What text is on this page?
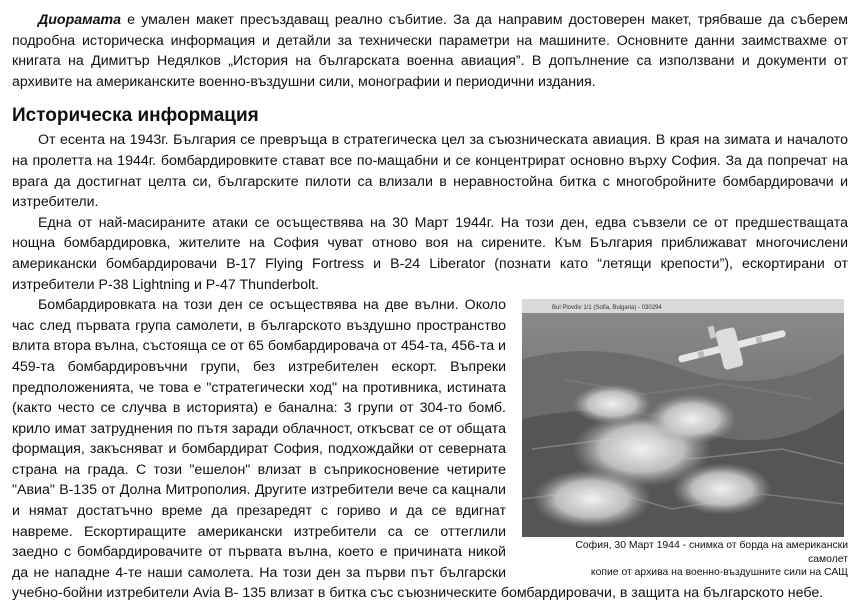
Диорамата е умален макет пресъздаващ реално събитие. За да направим достоверен макет, трябваше да съберем подробна историческа информация и детайли за технически параметри на машините. Основните данни заимствахме от книгата на Димитър Недялков „История на българската военна авиация”. В допълнение са използвани и документи от архивите на американските военно-въздушни сили, монографии и периодични издания.

Историческа информация

От есента на 1943г. България се превръща в стратегическа цел за съюзническата авиация. В края на зимата и началото на пролетта на 1944г. бомбардировките стават все по-мащабни и се концентрират основно върху София. За да попречат на врага да достигнат целта си, българските пилоти са влизали в неравностойна битка с многобройните бомбардировачи и изтребители.

Една от най-масираните атаки се осъществява на 30 Март 1944г. На този ден, едва съвзели се от предшестващата нощна бомбардировка, жителите на София чуват отново воя на сирените. Към България приближават многочислени американски бомбардировачи B-17 Flying Fortress и B-24 Liberator (познати като “летящи крепости”), ескортирани от изтребители P-38 Lightning и P-47 Thunderbolt.

Bul Plovdiv 1/1 (Sofia, Bulgaria) - 030294
София, 30 Март 1944 - снимка от борда на американски самолет
копие от архива на военно-въздушните сили на САЩ
Бомбардировката на този ден се осъществява на две вълни. Около час след първата група самолети, в българското въздушно пространство влита втора вълна, състояща се от 65 бомбардировача от 454-та, 456-та и 459-та бомбардировъчни групи, без изтребителен ескорт. Въпреки предположенията, че това е "стратегически ход" на противника, истината (както често се случва в историята) е банална: 3 групи от 304-то бомб. крило имат затруднения по пътя заради облачност, откъсват се от общата формация, закъсняват и бомбардират София, подхождайки от северната страна на града. С този "ешелон" влизат в съприкосновение четирите "Авиа" В-135 от Долна Митрополия. Другите изтребители вече са кацнали и нямат достатъчно време да презаредят с гориво и да се вдигнат навреме. Ескортиращите американски изтребители са се оттеглили заедно с бомбардировачите от първата вълна, което е причината никой да не нападне 4-те наши самолета. На този ден за първи път български учебно-бойни изтребители Avia B- 135 влизат в битка със съюзническите бомбардировачи, в защита на българското небе.
